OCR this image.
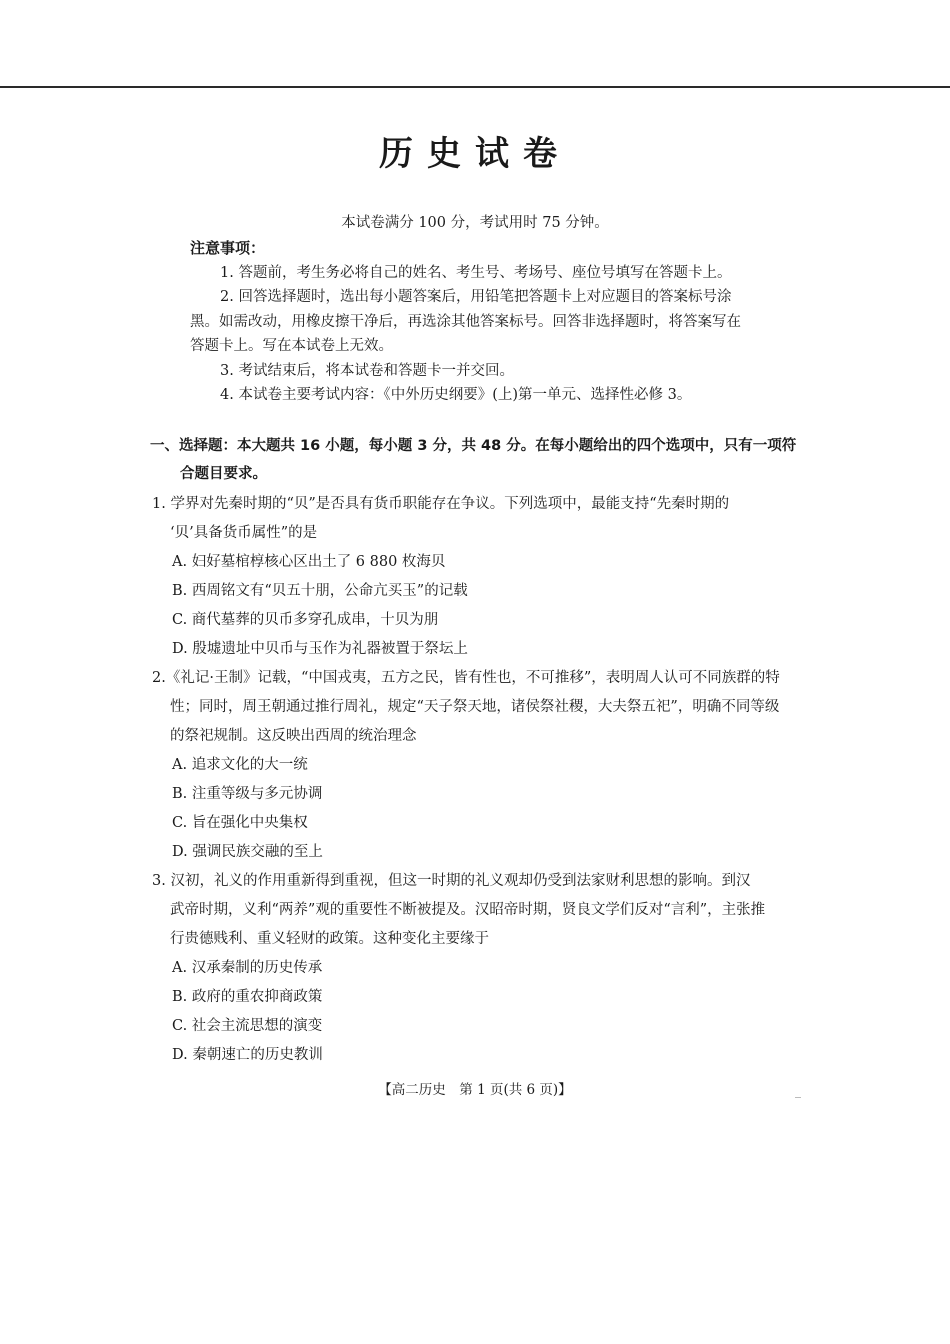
历史试卷
本试卷满分 100 分，考试用时 75 分钟。
注意事项：

1. 答题前，考生务必将自己的姓名、考生号、考场号、座位号填写在答题卡上。

2. 回答选择题时，选出每小题答案后，用铅笔把答题卡上对应题目的答案标号涂

黑。如需改动，用橡皮擦干净后，再选涂其他答案标号。回答非选择题时，将答案写在

答题卡上。写在本试卷上无效。

3. 考试结束后，将本试卷和答题卡一并交回。

4. 本试卷主要考试内容：《中外历史纲要》(上)第一单元、选择性必修 3。

一、选择题：本大题共 16 小题，每小题 3 分，共 48 分。在每小题给出的四个选项中，只有一项符
合题目要求。

1. 学界对先秦时期的“贝”是否具有货币职能存在争议。下列选项中，最能支持“先秦时期的
‘贝’具备货币属性”的是

A. 妇好墓棺椁核心区出土了 6 880 枚海贝

B. 西周铭文有“贝五十朋，公命亢买玉”的记载

C. 商代墓葬的贝币多穿孔成串，十贝为朋

D. 殷墟遗址中贝币与玉作为礼器被置于祭坛上

2.《礼记·王制》记载，“中国戎夷，五方之民，皆有性也，不可推移”，表明周人认可不同族群的特
性；同时，周王朝通过推行周礼，规定“天子祭天地，诸侯祭社稷，大夫祭五祀”，明确不同等级
的祭祀规制。这反映出西周的统治理念

A. 追求文化的大一统

B. 注重等级与多元协调

C. 旨在强化中央集权

D. 强调民族交融的至上

3. 汉初，礼义的作用重新得到重视，但这一时期的礼义观却仍受到法家财利思想的影响。到汉
武帝时期，义利“两养”观的重要性不断被提及。汉昭帝时期，贤良文学们反对“言利”，主张推
行贵德贱利、重义轻财的政策。这种变化主要缘于

A. 汉承秦制的历史传承

B. 政府的重农抑商政策

C. 社会主流思想的演变

D. 秦朝速亡的历史教训

【高二历史　第 1 页(共 6 页)】
